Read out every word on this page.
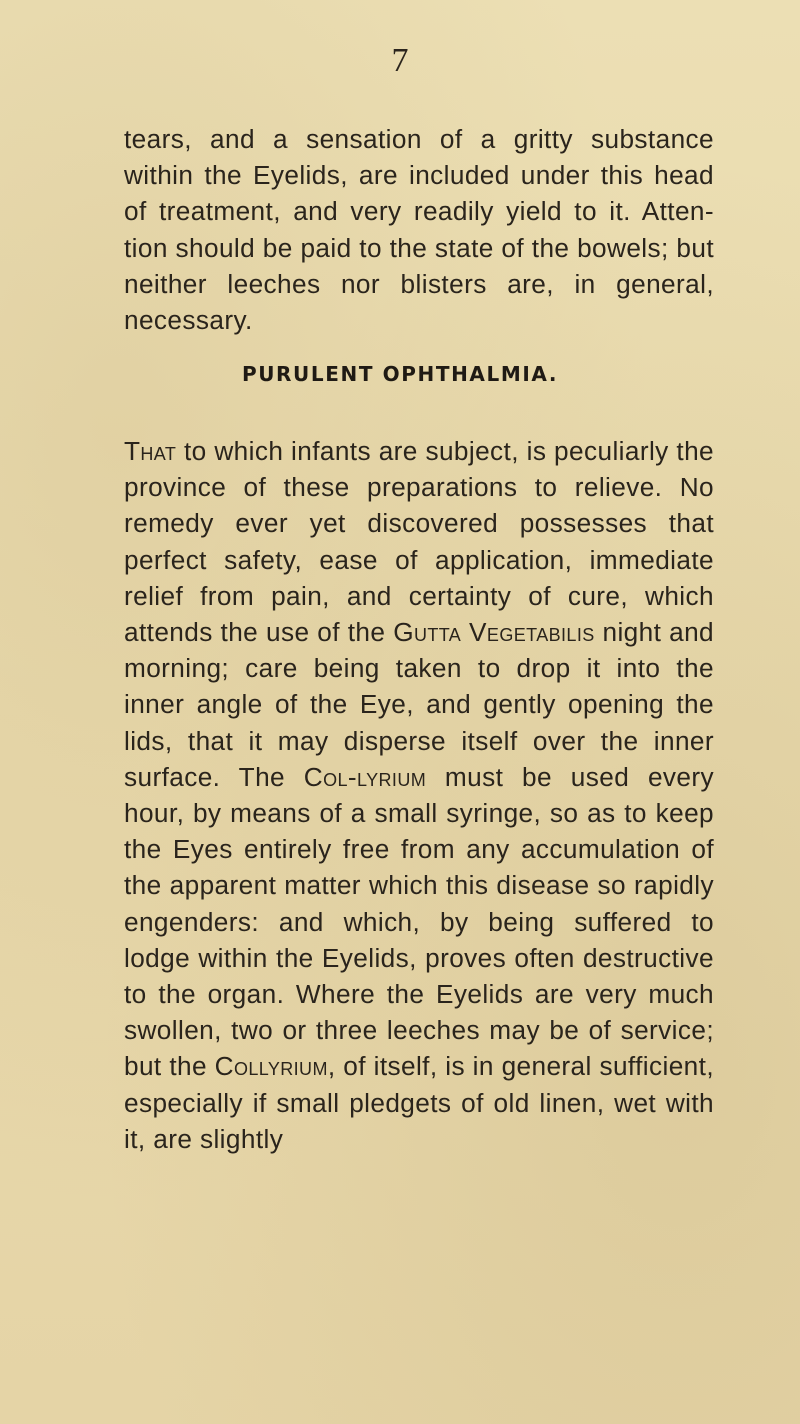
7

tears, and a sensation of a gritty substance within the Eyelids, are included under this head of treatment, and very readily yield to it. Atten-tion should be paid to the state of the bowels; but neither leeches nor blisters are, in general, necessary.

PURULENT OPHTHALMIA.

That to which infants are subject, is peculiarly the province of these preparations to relieve. No remedy ever yet discovered possesses that perfect safety, ease of application, immediate relief from pain, and certainty of cure, which attends the use of the Gutta Vegetabilis night and morning; care being taken to drop it into the inner angle of the Eye, and gently opening the lids, that it may disperse itself over the inner surface. The Col-lyrium must be used every hour, by means of a small syringe, so as to keep the Eyes entirely free from any accumulation of the apparent matter which this disease so rapidly engenders: and which, by being suffered to lodge within the Eyelids, proves often destructive to the organ. Where the Eyelids are very much swollen, two or three leeches may be of service; but the Collyrium, of itself, is in general sufficient, especially if small pledgets of old linen, wet with it, are slightly
